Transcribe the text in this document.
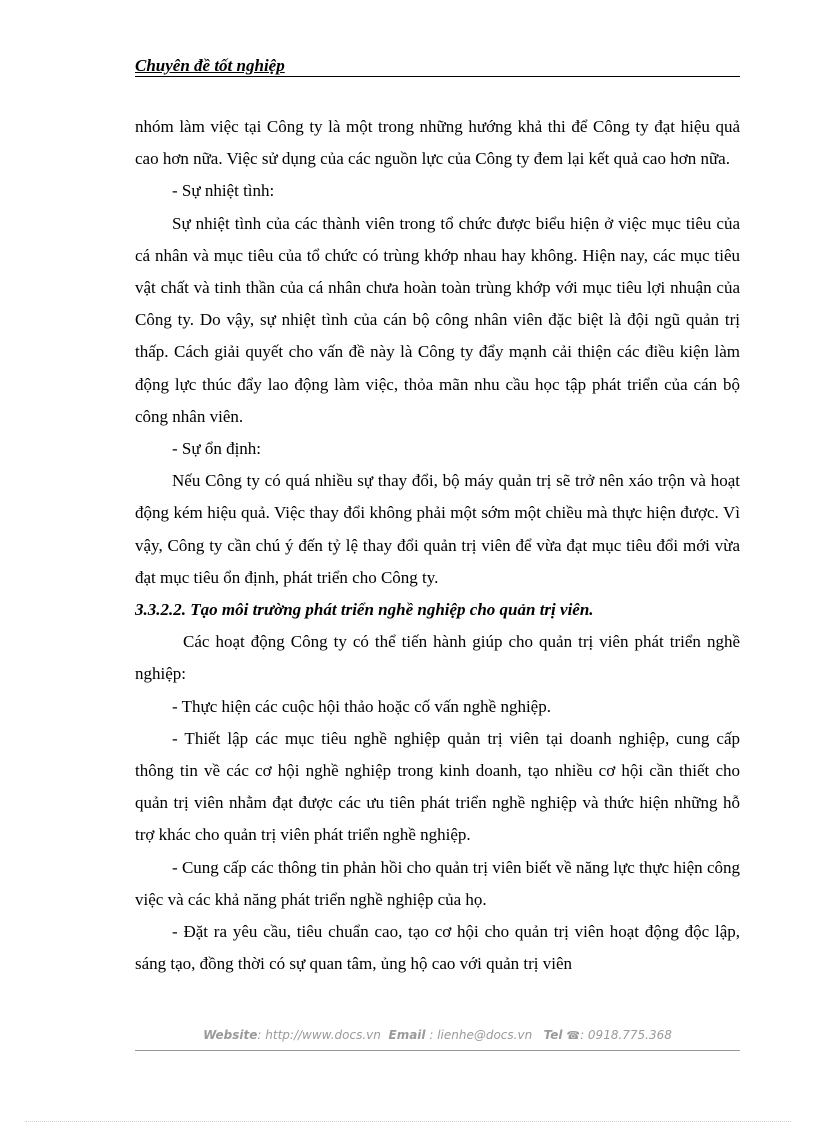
Chuyên đề tốt nghiệp

nhóm làm việc tại Công ty là một trong những hướng khả thi để Công ty đạt hiệu quả cao hơn nữa. Việc sử dụng của các nguồn lực của Công ty đem lại kết quả cao hơn nữa.

- Sự nhiệt tình:

Sự nhiệt tình của các thành viên trong tổ chức được biểu hiện ở việc mục tiêu của cá nhân và mục tiêu của tổ chức có trùng khớp nhau hay không. Hiện nay, các mục tiêu vật chất và tinh thần của cá nhân chưa hoàn toàn trùng khớp với mục tiêu lợi nhuận của Công ty. Do vậy, sự nhiệt tình của cán bộ công nhân viên đặc biệt là đội ngũ quản trị thấp. Cách giải quyết cho vấn đề này là Công ty đẩy mạnh cải thiện các điều kiện làm động lực thúc đẩy lao động làm việc, thỏa mãn nhu cầu học tập phát triển của cán bộ công nhân viên.

- Sự ổn định:

Nếu Công ty có quá nhiều sự thay đổi, bộ máy quản trị sẽ trở nên xáo trộn và hoạt động kém hiệu quả. Việc thay đổi không phải một sớm một chiều mà thực hiện được. Vì vậy, Công ty cần chú ý đến tỷ lệ thay đổi quản trị viên để vừa đạt mục tiêu đổi mới vừa đạt mục tiêu ổn định, phát triển cho Công ty.

3.3.2.2. Tạo môi trường phát triển nghề nghiệp cho quản trị viên.

Các hoạt động Công ty có thể tiến hành giúp cho quản trị viên phát triển nghề nghiệp:

- Thực hiện các cuộc hội thảo hoặc cố vấn nghề nghiệp.

- Thiết lập các mục tiêu nghề nghiệp quản trị viên tại doanh nghiệp, cung cấp thông tin về các cơ hội nghề nghiệp trong kinh doanh, tạo nhiều cơ hội cần thiết cho quản trị viên nhằm đạt được các ưu tiên phát triển nghề nghiệp và thức hiện những hỗ trợ khác cho quản trị viên phát triển nghề nghiệp.

- Cung cấp các thông tin phản hồi cho quản trị viên biết về năng lực thực hiện công việc và các khả năng phát triển nghề nghiệp của họ.

- Đặt ra yêu cầu, tiêu chuẩn cao, tạo cơ hội cho quản trị viên hoạt động độc lập, sáng tạo, đồng thời có sự quan tâm, ủng hộ cao với quản trị viên

Website: http://www.docs.vn Email : lienhe@docs.vn Tel ☎: 0918.775.368
